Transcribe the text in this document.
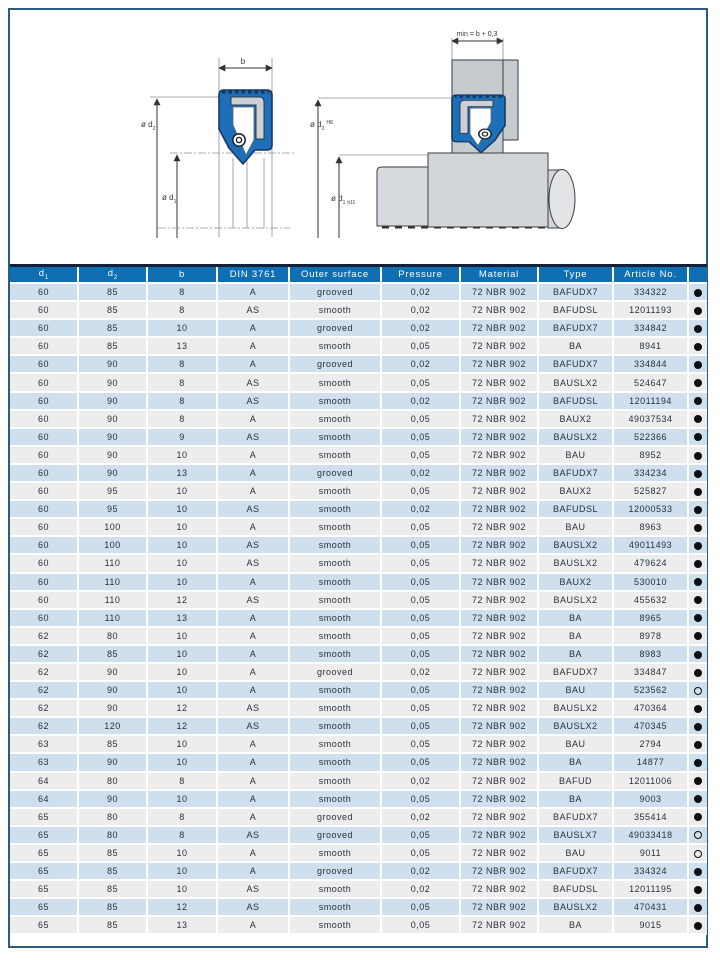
b
ø $d_2$
ø $d_1$
min = b + 0,3
ø $d_2^{H8}$
ø $d_1$ h11
$d_1$	$d_2$	b	DIN 3761	Outer surface	Pressure	Material	Type	Article No.	
60	85	8	A	grooved	0,02	72 NBR 902	BAFUDX7	334322	
60	85	8	AS	smooth	0,02	72 NBR 902	BAFUDSL	12011193	
60	85	10	A	grooved	0,02	72 NBR 902	BAFUDX7	334842	
60	85	13	A	smooth	0,05	72 NBR 902	BA	8941	
60	90	8	A	grooved	0,02	72 NBR 902	BAFUDX7	334844	
60	90	8	AS	smooth	0,05	72 NBR 902	BAUSLX2	524647	
60	90	8	AS	smooth	0,02	72 NBR 902	BAFUDSL	12011194	
60	90	8	A	smooth	0,05	72 NBR 902	BAUX2	49037534	
60	90	9	AS	smooth	0,05	72 NBR 902	BAUSLX2	522366	
60	90	10	A	smooth	0,05	72 NBR 902	BAU	8952	
60	90	13	A	grooved	0,02	72 NBR 902	BAFUDX7	334234	
60	95	10	A	smooth	0,05	72 NBR 902	BAUX2	525827	
60	95	10	AS	smooth	0,02	72 NBR 902	BAFUDSL	12000533	
60	100	10	A	smooth	0,05	72 NBR 902	BAU	8963	
60	100	10	AS	smooth	0,05	72 NBR 902	BAUSLX2	49011493	
60	110	10	AS	smooth	0,05	72 NBR 902	BAUSLX2	479624	
60	110	10	A	smooth	0,05	72 NBR 902	BAUX2	530010	
60	110	12	AS	smooth	0,05	72 NBR 902	BAUSLX2	455632	
60	110	13	A	smooth	0,05	72 NBR 902	BA	8965	
62	80	10	A	smooth	0,05	72 NBR 902	BA	8978	
62	85	10	A	smooth	0,05	72 NBR 902	BA	8983	
62	90	10	A	grooved	0,02	72 NBR 902	BAFUDX7	334847	
62	90	10	A	smooth	0,05	72 NBR 902	BAU	523562	
62	90	12	AS	smooth	0,05	72 NBR 902	BAUSLX2	470364	
62	120	12	AS	smooth	0,05	72 NBR 902	BAUSLX2	470345	
63	85	10	A	smooth	0,05	72 NBR 902	BAU	2794	
63	90	10	A	smooth	0,05	72 NBR 902	BA	14877	
64	80	8	A	smooth	0,02	72 NBR 902	BAFUD	12011006	
64	90	10	A	smooth	0,05	72 NBR 902	BA	9003	
65	80	8	A	grooved	0,02	72 NBR 902	BAFUDX7	355414	
65	80	8	AS	grooved	0,05	72 NBR 902	BAUSLX7	49033418	
65	85	10	A	smooth	0,05	72 NBR 902	BAU	9011	
65	85	10	A	grooved	0,02	72 NBR 902	BAFUDX7	334324	
65	85	10	AS	smooth	0,02	72 NBR 902	BAFUDSL	12011195	
65	85	12	AS	smooth	0,05	72 NBR 902	BAUSLX2	470431	
65	85	13	A	smooth	0,05	72 NBR 902	BA	9015	
